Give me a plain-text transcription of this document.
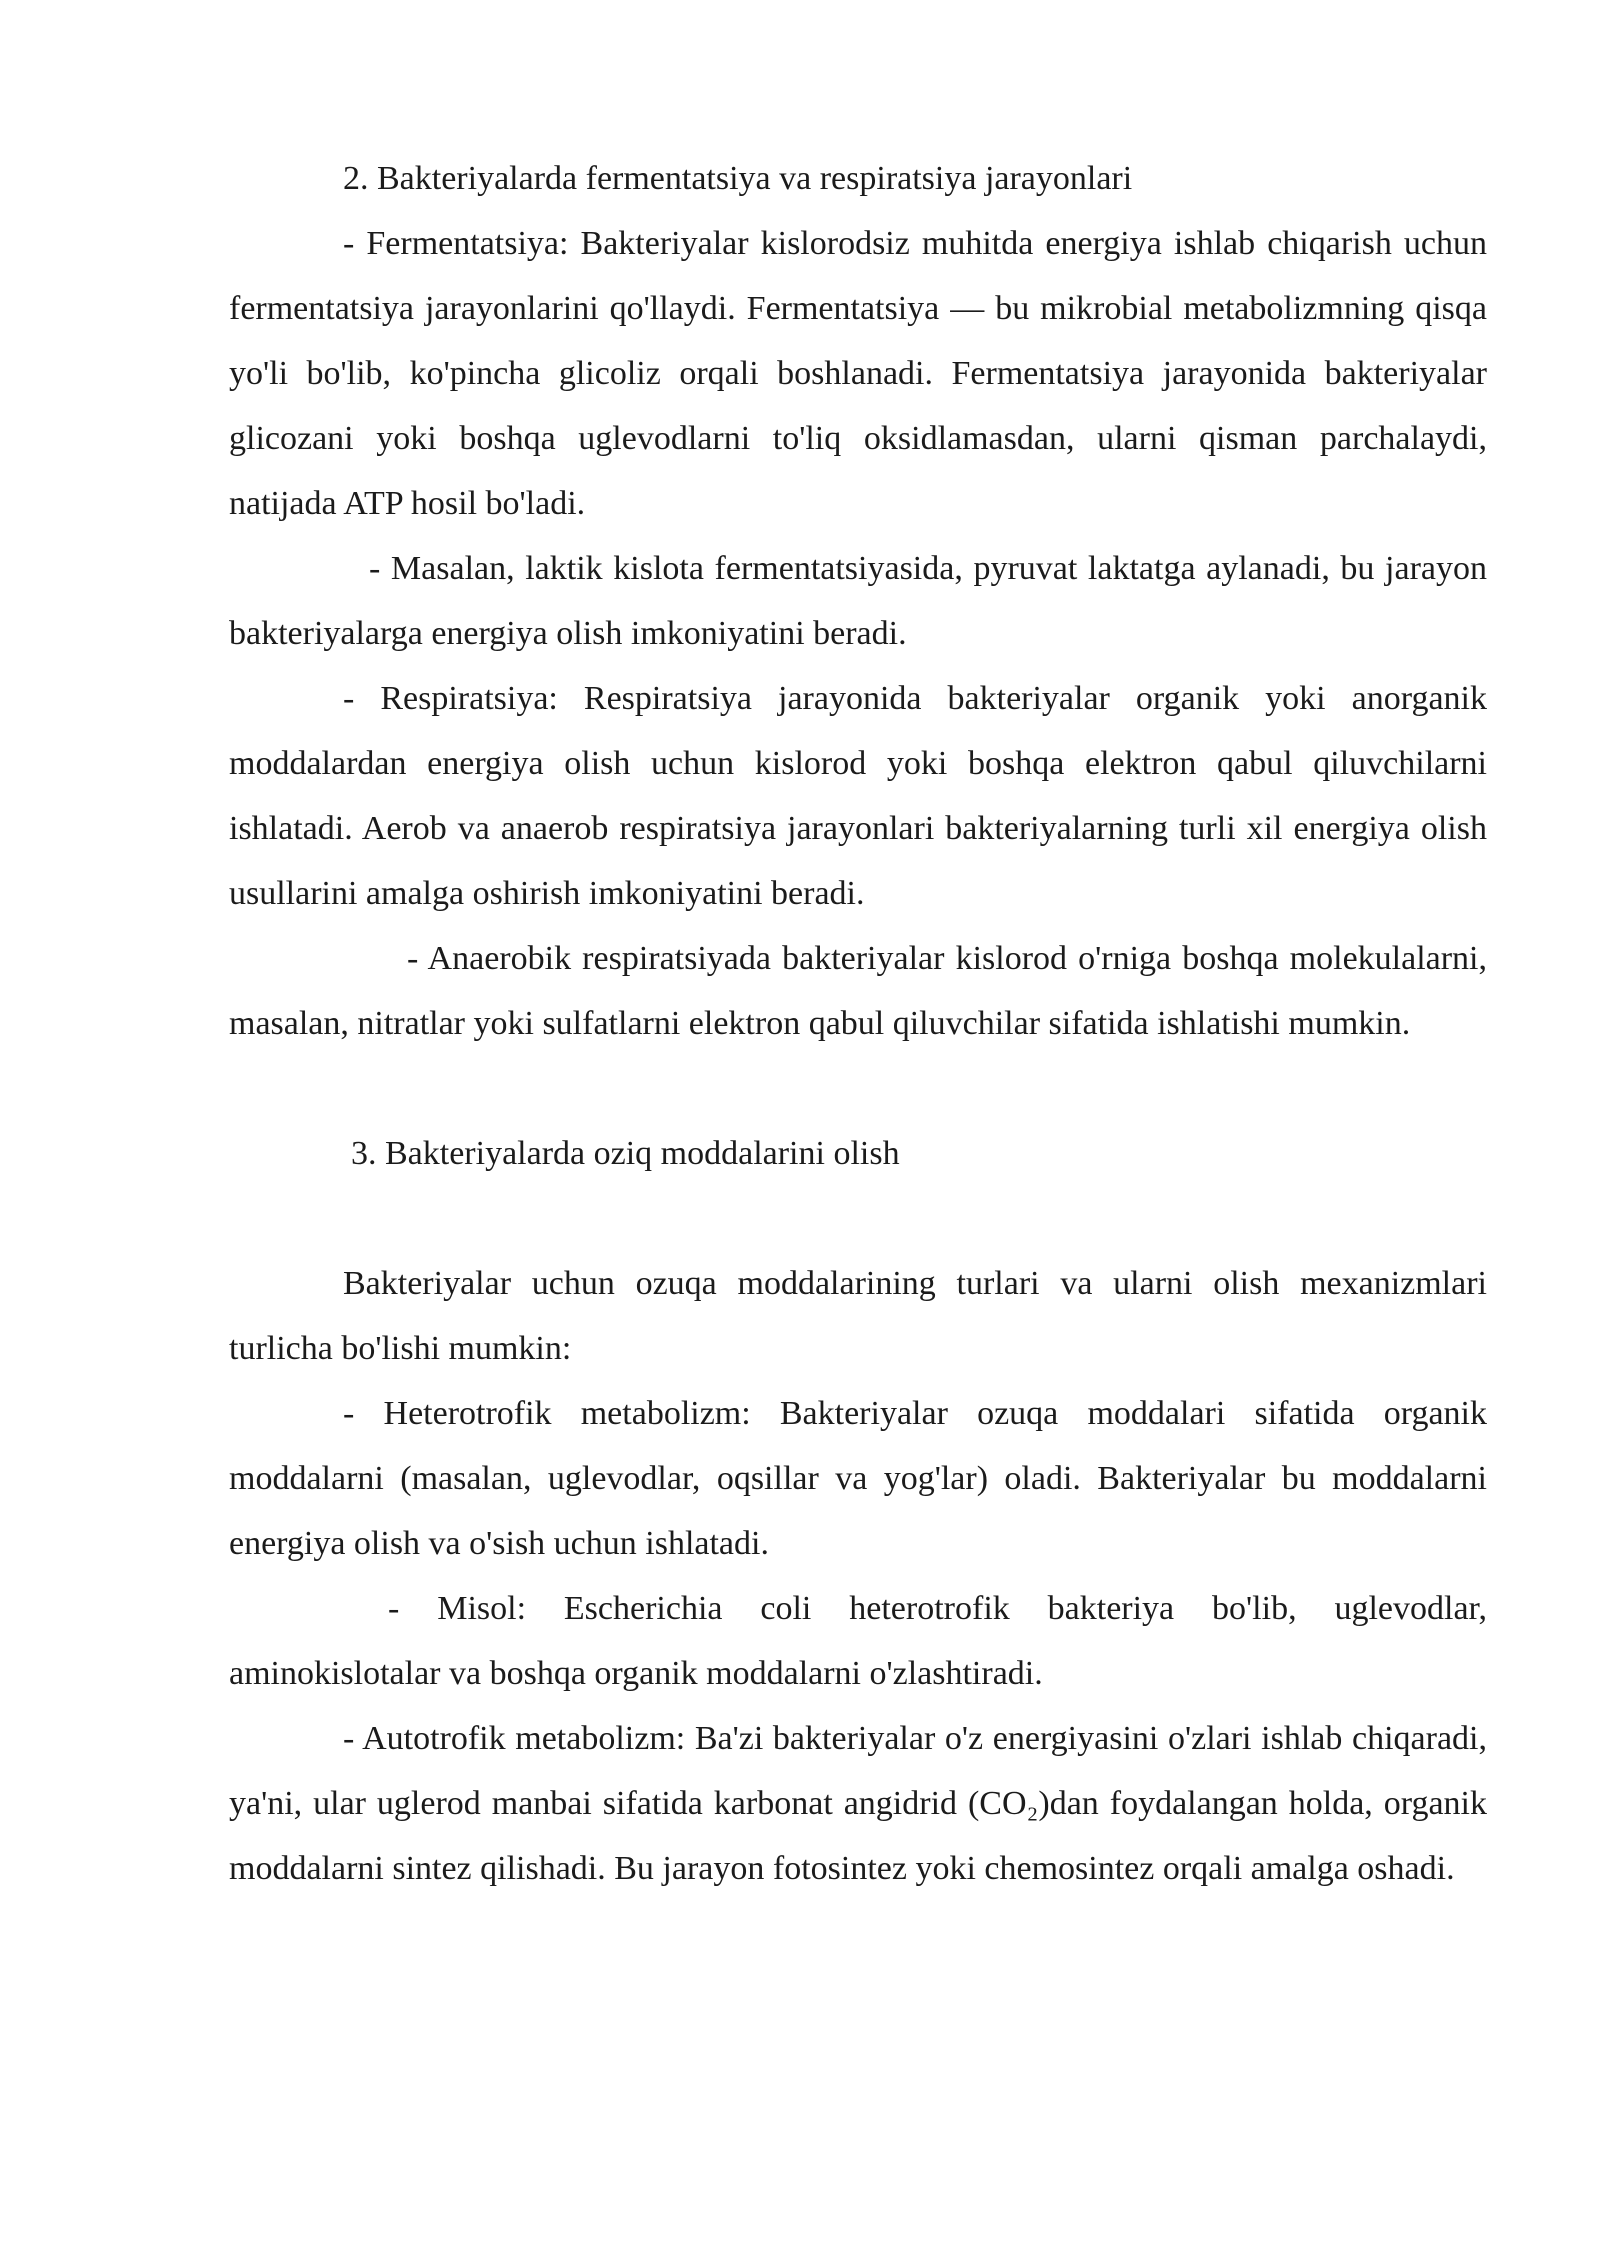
2. Bakteriyalarda fermentatsiya va respiratsiya jarayonlari

- Fermentatsiya: Bakteriyalar kislorodsiz muhitda energiya ishlab chiqarish uchun fermentatsiya jarayonlarini qo'llaydi. Fermentatsiya — bu mikrobial metabolizmning qisqa yo'li bo'lib, ko'pincha glicoliz orqali boshlanadi. Fermentatsiya jarayonida bakteriyalar glicozani yoki boshqa uglevodlarni to'liq oksidlamasdan, ularni qisman parchalaydi, natijada ATP hosil bo'ladi.

- Masalan, laktik kislota fermentatsiyasida, pyruvat laktatga aylanadi, bu jarayon bakteriyalarga energiya olish imkoniyatini beradi.

- Respiratsiya: Respiratsiya jarayonida bakteriyalar organik yoki anorganik moddalardan energiya olish uchun kislorod yoki boshqa elektron qabul qiluvchilarni ishlatadi. Aerob va anaerob respiratsiya jarayonlari bakteriyalarning turli xil energiya olish usullarini amalga oshirish imkoniyatini beradi.

- Anaerobik respiratsiyada bakteriyalar kislorod o'rniga boshqa molekulalarni, masalan, nitratlar yoki sulfatlarni elektron qabul qiluvchilar sifatida ishlatishi mumkin.

3. Bakteriyalarda oziq moddalarini olish

Bakteriyalar uchun ozuqa moddalarining turlari va ularni olish mexanizmlari turlicha bo'lishi mumkin:

- Heterotrofik metabolizm: Bakteriyalar ozuqa moddalari sifatida organik moddalarni (masalan, uglevodlar, oqsillar va yog'lar) oladi. Bakteriyalar bu moddalarni energiya olish va o'sish uchun ishlatadi.

- Misol: Escherichia coli heterotrofik bakteriya bo'lib, uglevodlar, aminokislotalar va boshqa organik moddalarni o'zlashtiradi.

- Autotrofik metabolizm: Ba'zi bakteriyalar o'z energiyasini o'zlari ishlab chiqaradi, ya'ni, ular uglerod manbai sifatida karbonat angidrid (CO₂)dan foydalangan holda, organik moddalarni sintez qilishadi. Bu jarayon fotosintez yoki chemosintez orqali amalga oshadi.
